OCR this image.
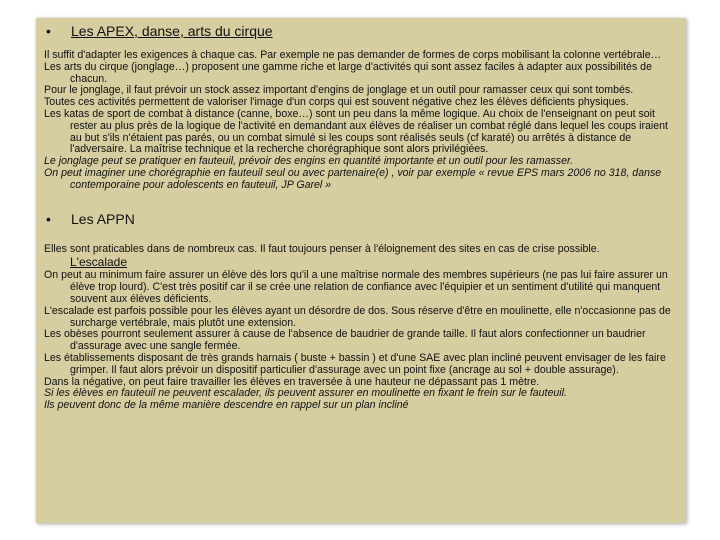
•	Les APEX, danse, arts du cirque

Il suffit d'adapter les exigences à chaque cas. Par exemple ne pas demander de formes de corps mobilisant la colonne vertébrale…

Les arts du cirque (jonglage…) proposent une gamme riche et large d'activités qui sont assez faciles à adapter aux possibilités de chacun.

Pour le jonglage, il faut prévoir un stock assez important d'engins de jonglage et un outil pour ramasser ceux qui sont tombés.

Toutes ces activités permettent de valoriser l'image d'un corps qui est souvent négative chez les élèves déficients physiques.

Les katas de sport de combat à distance (canne, boxe…) sont un peu dans la même logique. Au choix de l'enseignant on peut soit rester au plus près de la logique de l'activité en demandant aux élèves de réaliser un combat réglé dans lequel les coups iraient au but s'ils n'étaient pas parés, ou un combat simulé si les coups sont réalisés seuls (cf karaté) ou arrêtés à distance de l'adversaire. La maîtrise technique et la recherche chorégraphique sont alors privilégiées.

Le jonglage peut se pratiquer en fauteuil, prévoir des engins en quantité importante et un outil pour les ramasser.

On peut imaginer une chorégraphie en fauteuil seul ou avec partenaire(e) , voir par exemple « revue EPS mars 2006 no 318, danse contemporaine pour adolescents en fauteuil, JP Garel »

•	Les APPN

Elles sont praticables dans de nombreux cas. Il faut toujours penser à l'éloignement des sites en cas de crise possible.

L'escalade

On peut au minimum faire assurer un élève dès lors qu'il a une maîtrise normale des membres supérieurs (ne pas lui faire assurer un élève trop lourd). C'est très positif car il se crée une relation de confiance avec l'équipier et un sentiment d'utilité qui manquent souvent aux élèves déficients.

L'escalade est parfois possible pour les élèves ayant un désordre de dos. Sous réserve d'être en moulinette, elle n'occasionne pas de surcharge vertébrale, mais plutôt une extension.

Les obèses pourront seulement assurer à cause de l'absence de baudrier de grande taille. Il faut alors confectionner un baudrier d'assurage avec une sangle fermée.

Les établissements disposant de très grands harnais ( buste + bassin ) et d'une SAE avec plan incliné peuvent envisager de les faire grimper. Il faut alors prévoir un dispositif particulier d'assurage avec un point fixe (ancrage au sol + double assurage).

Dans la négative, on peut faire travailler les élèves en traversée à une hauteur ne dépassant pas 1 mètre.

Si les élèves en fauteuil ne peuvent escalader, ils peuvent assurer en moulinette en fixant le frein sur le fauteuil.

Ils peuvent donc de la même manière descendre en rappel sur un plan incliné
